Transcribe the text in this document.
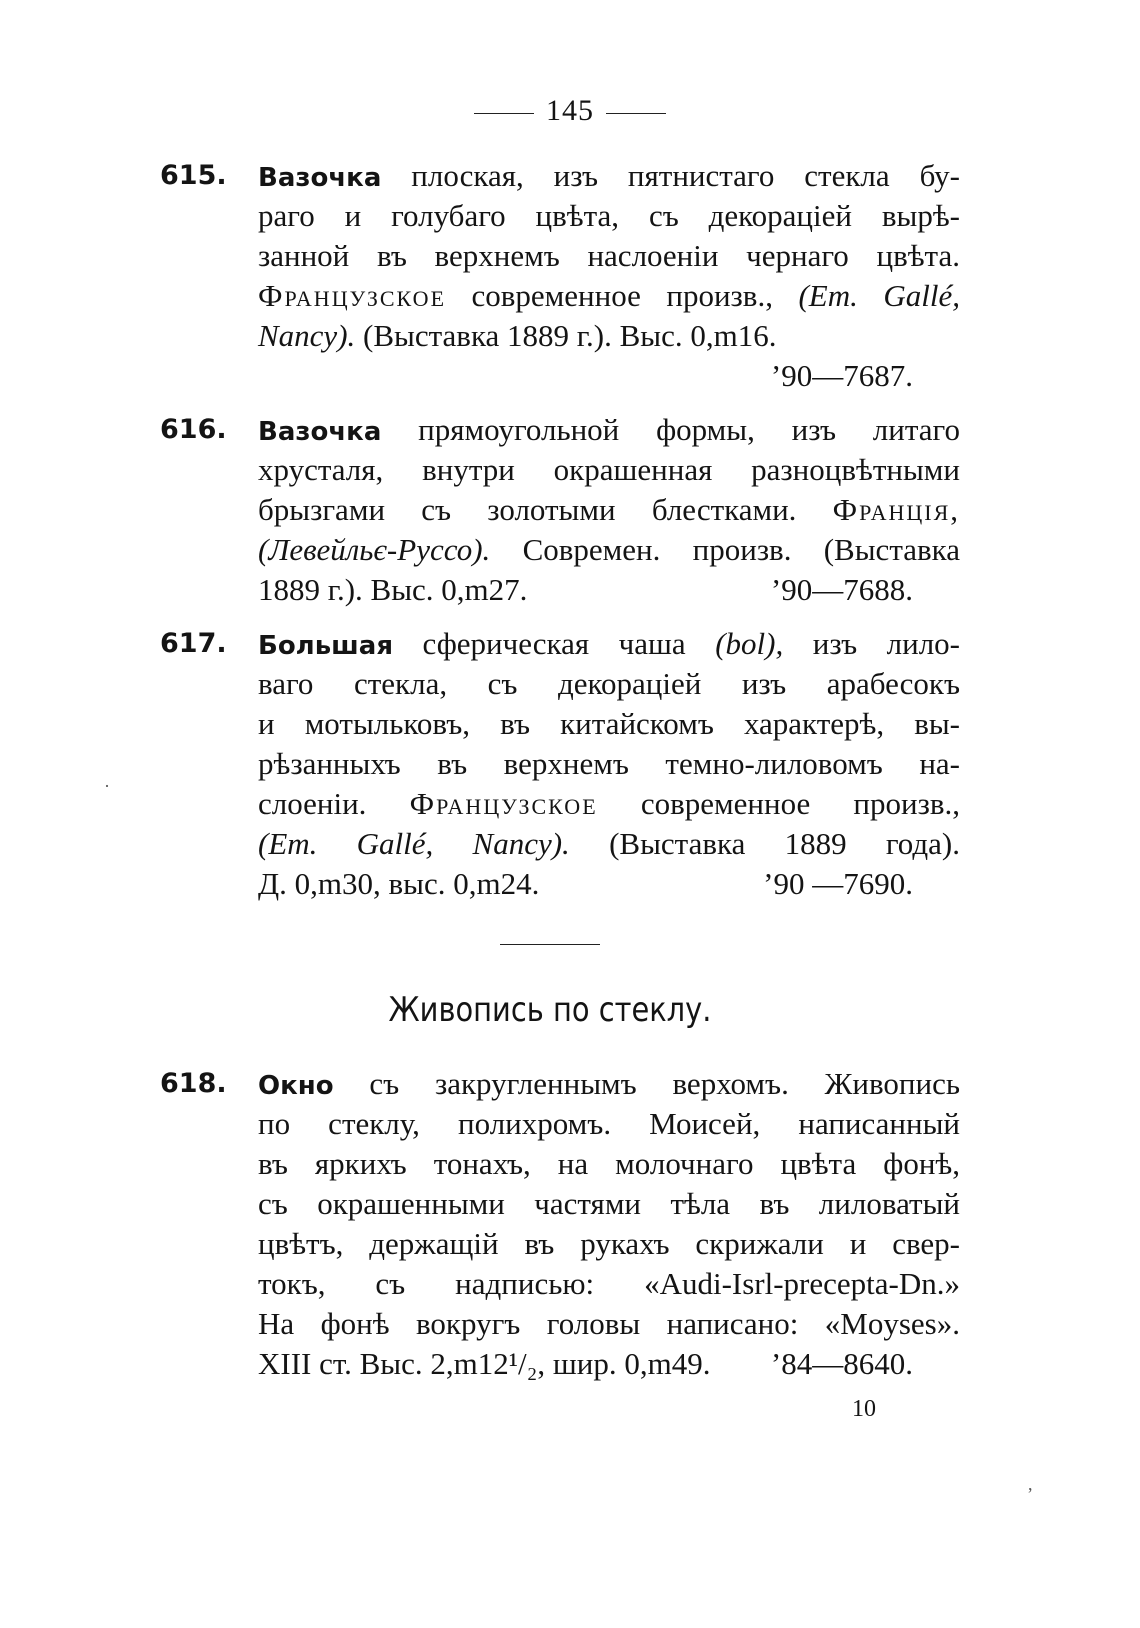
145
615. Вазочка плоская, изъ пятнистаго стекла бу-
раго и голубаго цвѣта, съ декораціей вырѣ-
занной въ верхнемъ наслоеніи чернаго цвѣта.
Французское современное произв., (Em. Gallé,
Nancy). (Выставка 1889 г.). Выс. 0,m16.
’90—7687.
616. Вазочка прямоугольной формы, изъ литаго
хрусталя, внутри окрашенная разноцвѣтными
брызгами съ золотыми блестками. Франція,
(Левейльє-Руссо). Современ. произв. (Выставка
1889 г.). Выс. 0,m27.	’90—7688.
617. Большая сферическая чаша (bol), изъ лило-
ваго стекла, съ декораціей изъ арабесокъ
и мотыльковъ, въ китайскомъ характерѣ, вы-
рѣзанныхъ въ верхнемъ темно-лиловомъ на-
слоеніи. Французское современное произв.,
(Em. Gallé, Nancy). (Выставка 1889 года).
Д. 0,m30, выс. 0,m24.	’90 —7690.
Живопись по стеклу.
618. Окно съ закругленнымъ верхомъ. Живопись
по стеклу, полихромъ. Моисей, написанный
въ яркихъ тонахъ, на молочнаго цвѣта фонѣ,
съ окрашенными частями тѣла въ лиловатый
цвѣтъ, держащій въ рукахъ скрижали и свер-
токъ, съ надписью: «Audi-Isrl-precepta-Dn.»
На фонѣ вокругъ головы написано: «Moyses».
XIII ст. Выс. 2,m12¹/₂, шир. 0,m49. ’84—8640.
10
·
,
